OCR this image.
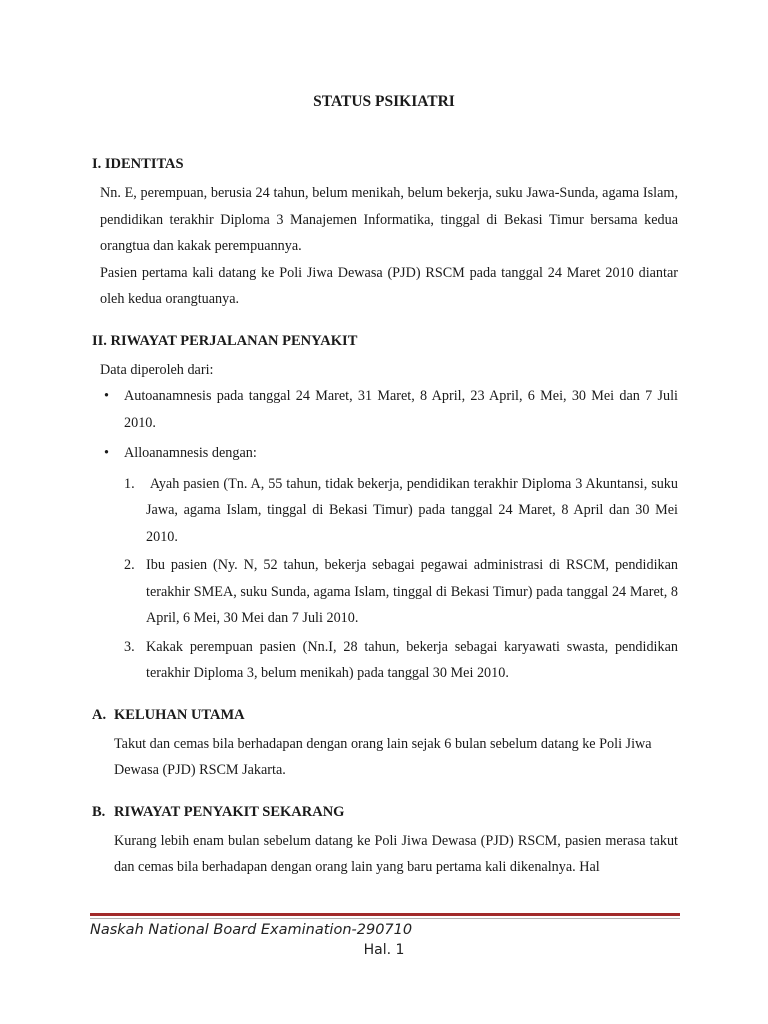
STATUS PSIKIATRI
I. IDENTITAS
Nn. E, perempuan, berusia 24 tahun, belum menikah, belum bekerja, suku Jawa-Sunda, agama Islam, pendidikan terakhir Diploma 3 Manajemen Informatika, tinggal di Bekasi Timur bersama kedua orangtua dan kakak perempuannya.
Pasien pertama kali datang ke Poli Jiwa Dewasa (PJD) RSCM pada tanggal 24 Maret 2010 diantar oleh kedua orangtuanya.
II. RIWAYAT PERJALANAN PENYAKIT
Data diperoleh dari:
• Autoanamnesis pada tanggal 24 Maret, 31 Maret, 8 April, 23 April, 6 Mei, 30 Mei dan 7 Juli 2010.
• Alloanamnesis dengan:
1. Ayah pasien (Tn. A, 55 tahun, tidak bekerja, pendidikan terakhir Diploma 3 Akuntansi, suku Jawa, agama Islam, tinggal di Bekasi Timur) pada tanggal 24 Maret, 8 April dan 30 Mei 2010.
2. Ibu pasien (Ny. N, 52 tahun, bekerja sebagai pegawai administrasi di RSCM, pendidikan terakhir SMEA, suku Sunda, agama Islam, tinggal di Bekasi Timur) pada tanggal 24 Maret, 8 April, 6 Mei, 30 Mei dan 7 Juli 2010.
3. Kakak perempuan pasien (Nn.I, 28 tahun, bekerja sebagai karyawati swasta, pendidikan terakhir Diploma 3, belum menikah) pada tanggal 30 Mei 2010.
A. KELUHAN UTAMA
Takut dan cemas bila berhadapan dengan orang lain sejak 6 bulan sebelum datang ke Poli Jiwa Dewasa (PJD) RSCM Jakarta.
B. RIWAYAT PENYAKIT SEKARANG
Kurang lebih enam bulan sebelum datang ke Poli Jiwa Dewasa (PJD) RSCM, pasien merasa takut dan cemas bila berhadapan dengan orang lain yang baru pertama kali dikenalnya. Hal
Naskah National Board Examination-290710
Hal. 1
